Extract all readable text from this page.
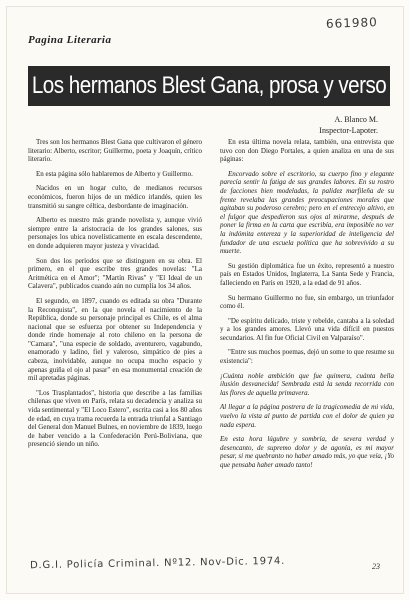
Pagina Literaria
661980
Los hermanos Blest Gana, prosa y verso
A. Blanco M.
Inspector-Lapoter.

Tres son los hermanos Blest Gana que cultivaron el género literario: Alberto, escritor; Guillermo, poeta y Joaquín, crítico literario.

En esta página sólo hablaremos de Alberto y Guillermo.

Nacidos en un hogar culto, de medianos recursos económicos, fueron hijos de un médico irlandés, quien les transmitió su sangre céltica, desbordante de imaginación.

Alberto es nuestro más grande novelista y, aunque vivió siempre entre la aristocracia de los grandes salones, sus personajes los ubica novelísticamente en escala descendente, en donde adquieren mayor justeza y vivacidad.

Son dos los períodos que se distinguen en su obra. El primero, en el que escribe tres grandes novelas: "La Aritmética en el Amor"; "Martín Rivas" y "El Ideal de un Calavera", publicados cuando aún no cumplía los 34 años.

El segundo, en 1897, cuando es editada su obra "Durante la Reconquista", en la que novela el nacimiento de la República, donde su personaje principal es Chile, es el alma nacional que se esfuerza por obtener su Independencia y donde rinde homenaje al roto chileno en la persona de "Camara", "una especie de soldado, aventurero, vagabundo, enamorado y ladino, fiel y valeroso, simpático de pies a cabeza, inolvidable, aunque no ocupa mucho espacio y apenas guiña el ojo al pasar" en esa monumental creación de mil apretadas páginas.

"Los Trasplantados", historia que describe a las familias chilenas que viven en París, relata su decadencia y analiza su vida sentimental y "El Loco Estero", escrita casi a los 80 años de edad, en cuya trama recuerda la entrada triunfal a Santiago del General don Manuel Bulnes, en noviembre de 1839, luego de haber vencido a la Confederación Perú-Boliviana, que presenció siendo un niño.

En esta última novela relata, también, una entrevista que tuvo con don Diego Portales, a quien analiza en una de sus páginas:

Encorvado sobre el escritorio, su cuerpo fino y elegante parecía sentir la fatiga de sus grandes labores. En su rostro de facciones bien modeladas, la palidez marfileña de su frente revelaba las grandes preocupaciones morales que agitaban su poderoso cerebro; pero en el entrecejo altivo, en el fulgor que despedieron sus ojos al mirarme, después de poner la firma en la carta que escribía, era imposible no ver la indómita entereza y la superioridad de inteligencia del fundador de una escuela política que ha sobrevivido a su muerte.

Su gestión diplomática fue un éxito, representó a nuestro país en Estados Unidos, Inglaterra, La Santa Sede y Francia, falleciendo en París en 1920, a la edad de 91 años.

Su hermano Guillermo no fue, sin embargo, un triunfador como él.

"De espíritu delicado, triste y rebelde, cantaba a la soledad y a los grandes amores. Llevó una vida difícil en puestos secundarios. Al fin fue Oficial Civil en Valparaíso".

"Entre sus muchos poemas, dejó un some to que resume su existencia":

¡Cuánta noble ambición que fue quimera, cuánta bella ilusión desvanecida! Sembrada está la senda recorrida con las flores de aquella primavera.

Al llegar a la página postrera de la tragicomedia de mi vida, vuelvo la vista al punto de partida con el dolor de quien ya nada espera.

En esta hora lúgubre y sombría, de severa verdad y desencanto, de supremo dolor y de agonía, es mi mayor pesar, si me quebranto no haber amado más, yo que veía, ¡Yo que pensaba haber amado tanto!

D.G.I. Policía Criminal. Nº12. Nov-Dic. 1974.	23
